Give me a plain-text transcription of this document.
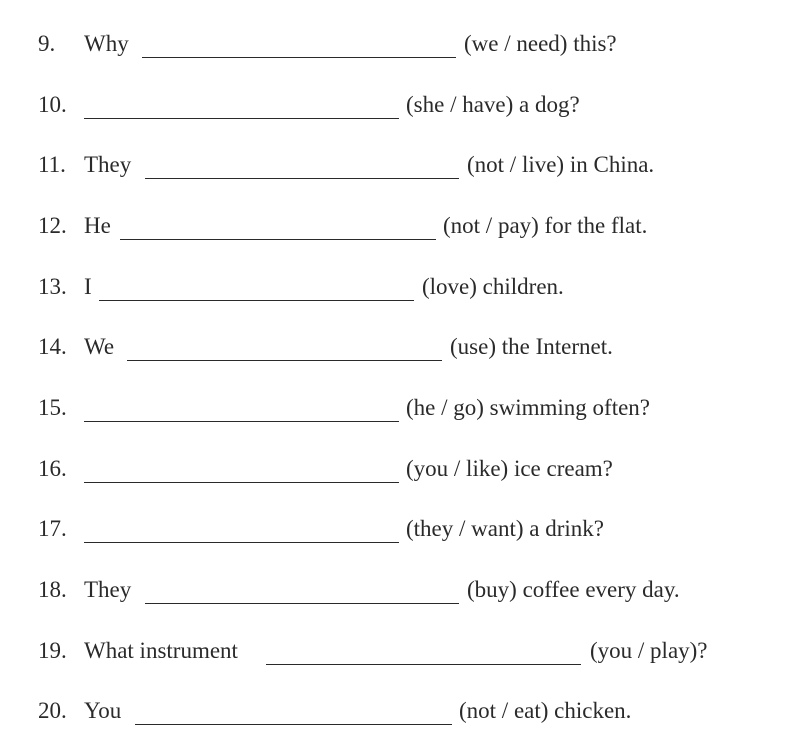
9. Why	(we / need) this?
10.	(she / have) a dog?
11. They	(not / live) in China.
12. He	(not / pay) for the flat.
13. I	(love) children.
14. We	(use) the Internet.
15.	(he / go) swimming often?
16.	(you / like) ice cream?
17.	(they / want) a drink?
18. They	(buy) coffee every day.
19. What instrument	(you / play)?
20. You	(not / eat) chicken.
